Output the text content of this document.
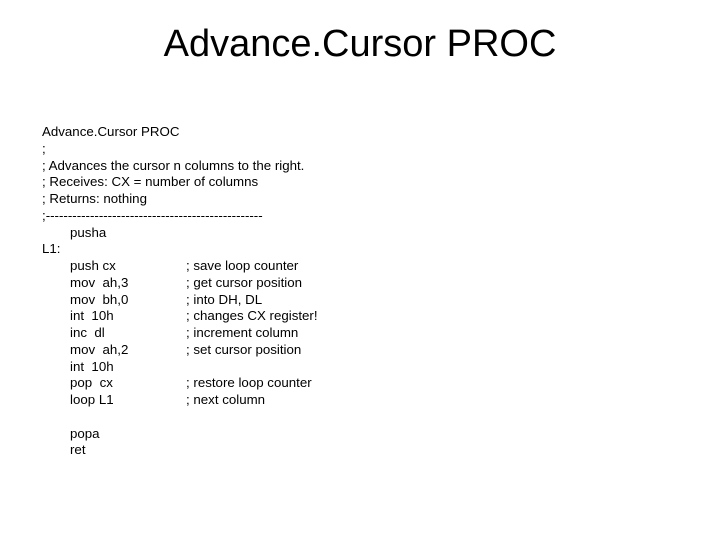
Advance.Cursor PROC
Advance.Cursor PROC
;
; Advances the cursor n columns to the right.
; Receives: CX = number of columns
; Returns: nothing
;-------------------------------------------------
pusha
L1:
push cx	; save loop counter
mov  ah,3	; get cursor position
mov  bh,0	; into DH, DL
int  10h	; changes CX register!
inc  dl	; increment column
mov  ah,2	; set cursor position
int  10h
pop  cx	; restore loop counter
loop L1	; next column
popa
ret
